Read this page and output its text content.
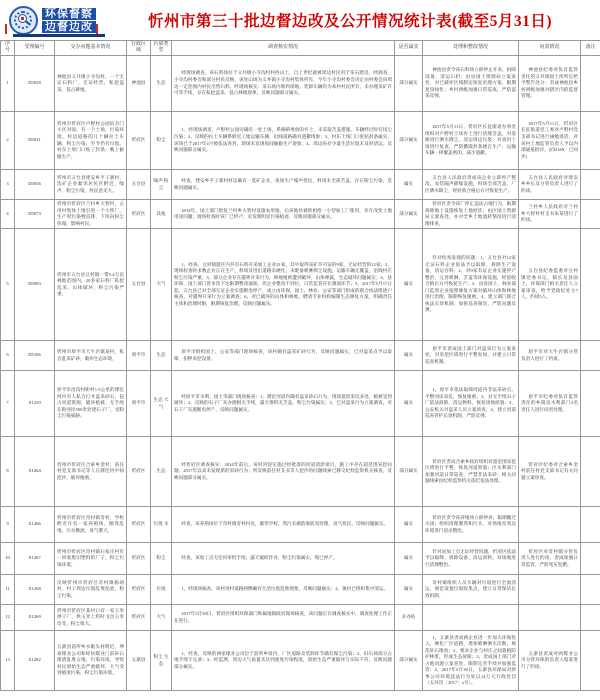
环保督察
边督边改	忻州市第三十批边督边改及公开情况统计表(截至5月31日)
序号	受理编号	交办问题基本情况	行政区域	污染类型	调查核实情况	是否属实	处理和整改情况	问责情况	备注
1	D5028	神池县义井镇小寺沟村，一个无证石料厂，无证经营，私挖盗采，侵占耕地。	神池县	生态	经现场调查，该石料场位于义井镇小寺沟村村西山上，自上世纪就被周边村民用于采石建房。经调查，小寺沟村委会和部分村民反映，该处山场为义井镇小寺沟村集体所有，今年小寺沟村委会决定由村委会向周边一定范围内村民出售石料。经现场核实：采石场内堆料场地、装卸车辆均为本村村民所有，未办理采矿许可等手续，存在私挖盗采、侵占林地现象，反映问题部分属实。	部分属实	神池县责令该石料场立即停止开采，拆除设备，清运石料；由县国土资源局立案查处，对已破坏区域制定恢复治理方案，限期复垦绿化；乡村两级加强日常巡查，严防盗采反弹。	神池县纪委对负有监管责任的义井镇国土所所长给予警告处分；责成神池县乡村两级加强对辖区内的监督管理。	
2	D5031	忻州市忻府区卢野村公园宿舍门小区对面，有一个土场，污染环境，村边道路的几十辆拉土车辆，粉尘污染，至今仍有垃圾。村东土场门口贴了封条，晚上偷偷生产。	忻府区	粉尘	1、经现场调查，卢野村公园旁确有一处土场，系修路堆放的弃土，未采取苫盖措施，车辆经过时有扬尘污染；2、反映的拉土车辆系附近工地运输车辆，沿线道路确有遗撒现象；3、村东土场门口张贴封条属实，该场已于2017年4月被依法查封，现场未发现夜间偷偷生产迹象；4、周边尚有少量生活垃圾未及时清运，反映问题部分属实。	部分属实	2017年5月11日，忻府区长征街道办事处组织对卢野村土场弃土进行清理苫盖，对道路进行洒水降尘，清运周边垃圾；对查封土场进行复查，严防撕毁封条擅自生产；运输车辆一律覆盖密闭，减少遗撒。	2017年5月11日，忻府区长征街道党工委对卢野村党支部书记进行诫勉谈话，对该村土地监管负责人予以内部通报批评。(同2169，已同步)	
3	D5056	忻州市五台县建安乡平子寨村，选矿企业紧邻居民区附近，噪声、粉尘污染，村民意见大。	五台县	噪声 粉尘	经查，建安乡平子寨村村边确有一选矿企业，夜间生产噪声扰民，料场未全部苫盖，存在粉尘污染，反映问题属实。	属实	五台县人民政府责成该企业立即停产整改，安装隔声降噪设施，料场全部苫盖，厂区洒水降尘，经验收合格后方可恢复生产。	五台县人民政府对建安乡乡长及分管负责人进行了约谈。	
4	D5073	忻州市忻府区兰村乡大智村，占用村集体土地引进一个小铁厂，生产时污染物直排，下风向粉尘弥漫，影响村民。	忻府区	其他	2014年，国土部门批复兰村乡大智村设施农用地，后该地块被转租给一小型加工厂使用，存在改变土地用途问题；现场检查时该厂已停产，未发现明显污染痕迹，反映问题部分属实。	部分属实	忻府区责令该厂停止违法占地行为，限期拆除地上设施恢复土地原状；由区国土资源局立案查处，并对全乡土地流转情况进行清理排查。	兰村乡人民政府对兰村乡大智村村支书朱某进行了约谈。	
5	D5093	忻州市五台县豆村镇一带5.4万亩林地范围内，20多家石料厂私挖乱采，山体破坏，粉尘污染严重。	五台县	大气	1、经查，豆村镇辖区内共有石料开采加工企业21家，其中取得采矿许可证的9家、无证经营的12家；2、现场检查时多数企业正在生产，料场及进出道路未硬化，未配备喷淋抑尘设施，运输车辆无覆盖，沿线村庄粉尘污染严重；3、部分企业存在越界开采行为，林地植被遭到破坏，山体裸露，生态破坏问题属实；4、县环保、国土部门曾多次下达限期整改通知，但企业整改不到位，日常监管存在薄弱环节；5、2017年5月17日起，五台县已对全部无证企业实施断电停产，成立由环保、国土、林业、公安等部门组成的联合执法组逐户核查，对越界开采行为立案调查；6、对已破坏的山体和林地，聘请专业机构编制生态修复方案，明确责任主体和治理时限，限期恢复治理，反映问题属实。	属实	针对检查发现的问题：1、五台县对12家无证石料企业依法予以取缔，拆除生产设备，清运存料；2、对9家有证企业实施停产整治，完善喷淋、苫盖等环保设施，经验收合格后方可恢复生产；3、由县国土、林业部门监督企业按照修复方案对破坏山体和林地进行治理，限期恢复植被；4、建立部门联合执法长效机制，加密巡查频次，严防问题反弹。	五台县纪委监委对豆村镇党委书记、镇长及县国土、环保部门相关责任人立案审查，给予党政纪处分7人、约谈5人。	
6	D5106	忻州市原平市大牛店镇某村，私自乱采矿砂，破坏生态环境。	原平市	生态	原平市组织国土、公安等部门现场核查，该村确有盗采矿砂行为，反映问题属实，已对盗采点予以取缔，扣押采挖设备。	属实	原平市责成国土部门对盗采行为立案查处，对采挖区域进行平整复绿，并建立日常巡查机制。	原平市对大牛店镇分管负责人进行了约谈。	
7	X1229	原平市沿沟村距村1.5公里的滹沱河内有人私自打井盗采砂石，侵占河道资源，破坏植被；无手续在距河岸500米处建石子厂，受粉尘污染威胁。	原平市	生态 大气	经原平市水利、国土等部门现场核查：1、滹沱河道内确有盗采砂石行为，现场遗留采坑多处，植被受到破坏；2、反映的石子厂未办理相关手续，露天堆料无苫盖，粉尘污染属实；3、已对盗采行为立案调查，对石子厂实施断电停产，反映问题属实。	属实	1、原平市依法取缔河道内非法采砂点，平整河床采坑，恢复植被；2、对无手续石子厂依法拆除，清运物料，恢复场地原貌；3、公安机关对盗采人员立案侦查；4、建立河道巡查管护长效机制，严防反弹。	原平市纪委对负有监管责任的乡镇及水利部门3名责任人进行问责处理。	
8	X1264	忻州市忻府区合索乡金村，前任村党支部书记等人在滹沱河中间挖沙，破坏植被。	忻府区	生态	经忻府区调查核实：2014年前后，该村河段实施过经批准的河道清淤项目，施工中存在超范围采挖问题；2017年以来未发现新的采砂行为；所反映前任村支书等人挖沙的问题线索已移交纪检监察机关核查，反映问题部分属实。	部分属实	忻府区责成合索乡政府组织对超范围采挖区域进行平整，恢复河道原貌；区水利部门加强河道日常巡查，严禁非法采砂；相关问题线索由纪检监察机关依纪依法处理。	忻府区纪委对合索乡金村前任村党支部书记有关问题立案审查。	
9	X1266	忻州市忻府区奇村镇奇村，学校附近开有一家养殖场，圈粪乱堆、污水横流，臭气熏天。	忻府区	垃圾 水	经查，该养殖场位于奇村镇奇村村北，紧邻学校，粪污未做防渗防臭处理，臭气扰民，反映问题属实。	属实	忻府区责令该养殖场立即停养，限期搬迁关闭；组织清理圈粪和污水，对场地及周边环境进行消杀整治。		
10	X1267	忻州市忻府区奇村镇石家庄村有一回收废旧塑料的厂子，粉尘污染环境。	忻府区	粉尘	经查，该加工点无任何审批手续，露天破碎作业，粉尘污染属实，现已停产。	属实	针对该加工点无证经营问题，忻府区依法予以取缔，拆除设备，清运原料，对场地进行清理整治。	忻府区对奇村镇分管负责人进行约谈，责成加强日常监管，严防死灰复燃。	
11	X1268	反映忻州市忻府区奇村镇杨胡村，村子周边垃圾乱堆乱放，粉尘污染。	忻府区	垃圾	1、经现场核查，该村进村道路两侧确有生活垃圾乱堆现象，反映问题属实；2、镇村已组织集中清运。	属实	奇村镇组织人员车辆对垃圾进行全面清运，规范设置垃圾收集点，建立日常保洁长效机制。		
12	X1269	忻州市忻府区某村口有一家玉米烘干厂，烘玉米上料时飞出玉米皮等，粉尘很大。	忻府区	大气	2017年5月30日，忻府区组织环保部门和属地镇政府现场核查，该问题正在调查核实中，调查处理工作正在进行。	未办结			
13	X1282	五寨县前所乡水眼头村附近，坤泰煤业公司和经坊煤业门前矸石煤渣乱堆占地，污染环境，导致村民原始生态严重破坏，大气受到重度污染，粉尘污染环境。	五寨县	粉尘 生态	1、经查，反映的两家煤业公司位于前所乡境内，厂区道路及装卸环节确有煤尘污染；2、矸石场部分占地手续不完备；3、经监测，周边大气质量未达到重度污染程度，原始生态严重破坏与实际不符，反映问题部分属实。	部分属实	1、五寨县责成两企业进一步加大环保投入，硬化厂区道路，增加喷淋洒水次数，规范矸石堆放；2、要求企业与村庄之间栽植防护林带，形成生态屏障；3、责成国土部门对占地问题立案查处，限期完善手续并加强监管；4、2017年5月30日，五寨县环保局对涉事公司环境违法行为处以14万元行政处罚（五环罚〔2017〕x号）。	五寨县责成对两煤业公司分管环保的负责人琚某进行了约谈。	
